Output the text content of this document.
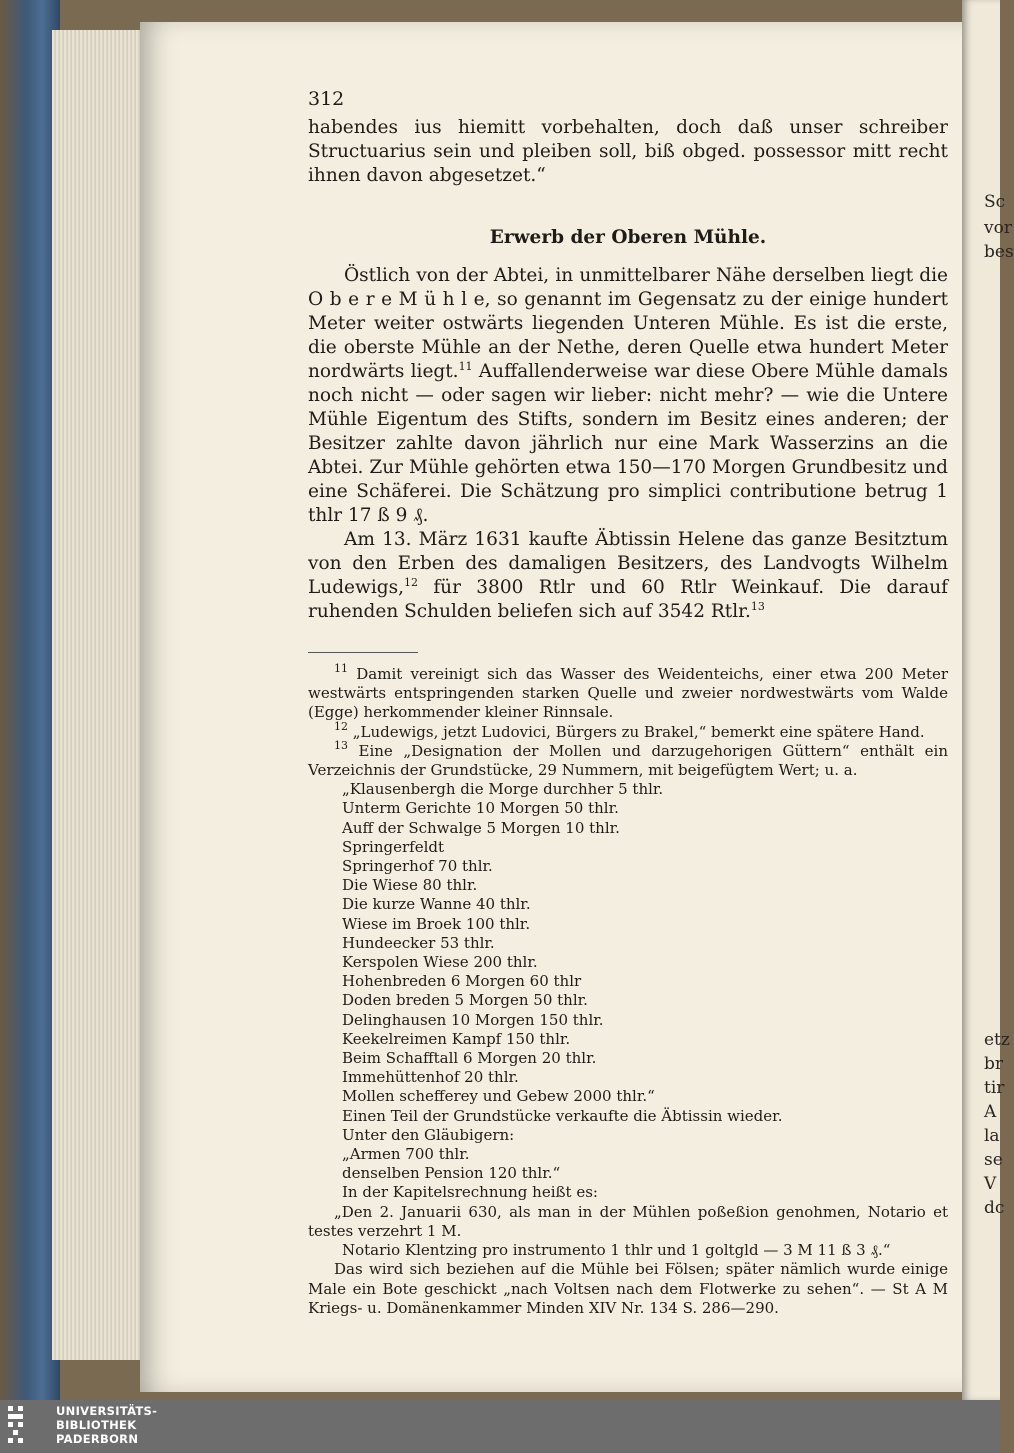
Sc
vor
bes
etz
br
tir
A
la
se
V
dc
312

habendes ius hiemitt vorbehalten, doch daß unser schreiber Structuarius sein und pleiben soll, biß obged. possessor mitt recht ihnen davon abgesetzet.“

Erwerb der Oberen Mühle.

Östlich von der Abtei, in unmittelbarer Nähe derselben liegt die O b e r e M ü h l e, so genannt im Gegensatz zu der einige hundert Meter weiter ostwärts liegenden Unteren Mühle. Es ist die erste, die oberste Mühle an der Nethe, deren Quelle etwa hundert Meter nordwärts liegt.$^{11}$ Auffallenderweise war diese Obere Mühle damals noch nicht — oder sagen wir lieber: nicht mehr? — wie die Untere Mühle Eigentum des Stifts, sondern im Besitz eines anderen; der Besitzer zahlte davon jährlich nur eine Mark Wasserzins an die Abtei. Zur Mühle gehörten etwa 150—170 Morgen Grundbesitz und eine Schäferei. Die Schätzung pro simplici contributione betrug 1 thlr 17 ß 9 ₰.

Am 13. März 1631 kaufte Äbtissin Helene das ganze Besitztum von den Erben des damaligen Besitzers, des Landvogts Wilhelm Ludewigs,$^{12}$ für 3800 Rtlr und 60 Rtlr Weinkauf. Die darauf ruhenden Schulden beliefen sich auf 3542 Rtlr.$^{13}$

$^{11}$ Damit vereinigt sich das Wasser des Weidenteichs, einer etwa 200 Meter westwärts entspringenden starken Quelle und zweier nordwestwärts vom Walde (Egge) herkommender kleiner Rinnsale.

$^{12}$ „Ludewigs, jetzt Ludovici, Bürgers zu Brakel,“ bemerkt eine spätere Hand.

$^{13}$ Eine „Designation der Mollen und darzugehorigen Güttern“ enthält ein Verzeichnis der Grundstücke, 29 Nummern, mit beigefügtem Wert; u. a.

„Klausenbergh die Morge durchher 5 thlr.

Unterm Gerichte 10 Morgen 50 thlr.

Auff der Schwalge 5 Morgen 10 thlr.

Springerfeldt

Springerhof 70 thlr.

Die Wiese 80 thlr.

Die kurze Wanne 40 thlr.

Wiese im Broek 100 thlr.

Hundeecker 53 thlr.

Kerspolen Wiese 200 thlr.

Hohenbreden 6 Morgen 60 thlr

Doden breden 5 Morgen 50 thlr.

Delinghausen 10 Morgen 150 thlr.

Keekelreimen Kampf 150 thlr.

Beim Schafftall 6 Morgen 20 thlr.

Immehüttenhof 20 thlr.

Mollen schefferey und Gebew 2000 thlr.“

Einen Teil der Grundstücke verkaufte die Äbtissin wieder.

Unter den Gläubigern:

„Armen 700 thlr.

denselben Pension 120 thlr.“

In der Kapitelsrechnung heißt es:

„Den 2. Januarii 630, als man in der Mühlen poßeßion genohmen, Notario et testes verzehrt 1 M.

Notario Klentzing pro instrumento 1 thlr und 1 goltgld — 3 M 11 ß 3 ₰.“

Das wird sich beziehen auf die Mühle bei Fölsen; später nämlich wurde einige Male ein Bote geschickt „nach Voltsen nach dem Flotwerke zu sehen“. — St A M Kriegs- u. Domänenkammer Minden XIV Nr. 134 S. 286—290.

UNIVERSITÄTS-
BIBLIOTHEK
PADERBORN
